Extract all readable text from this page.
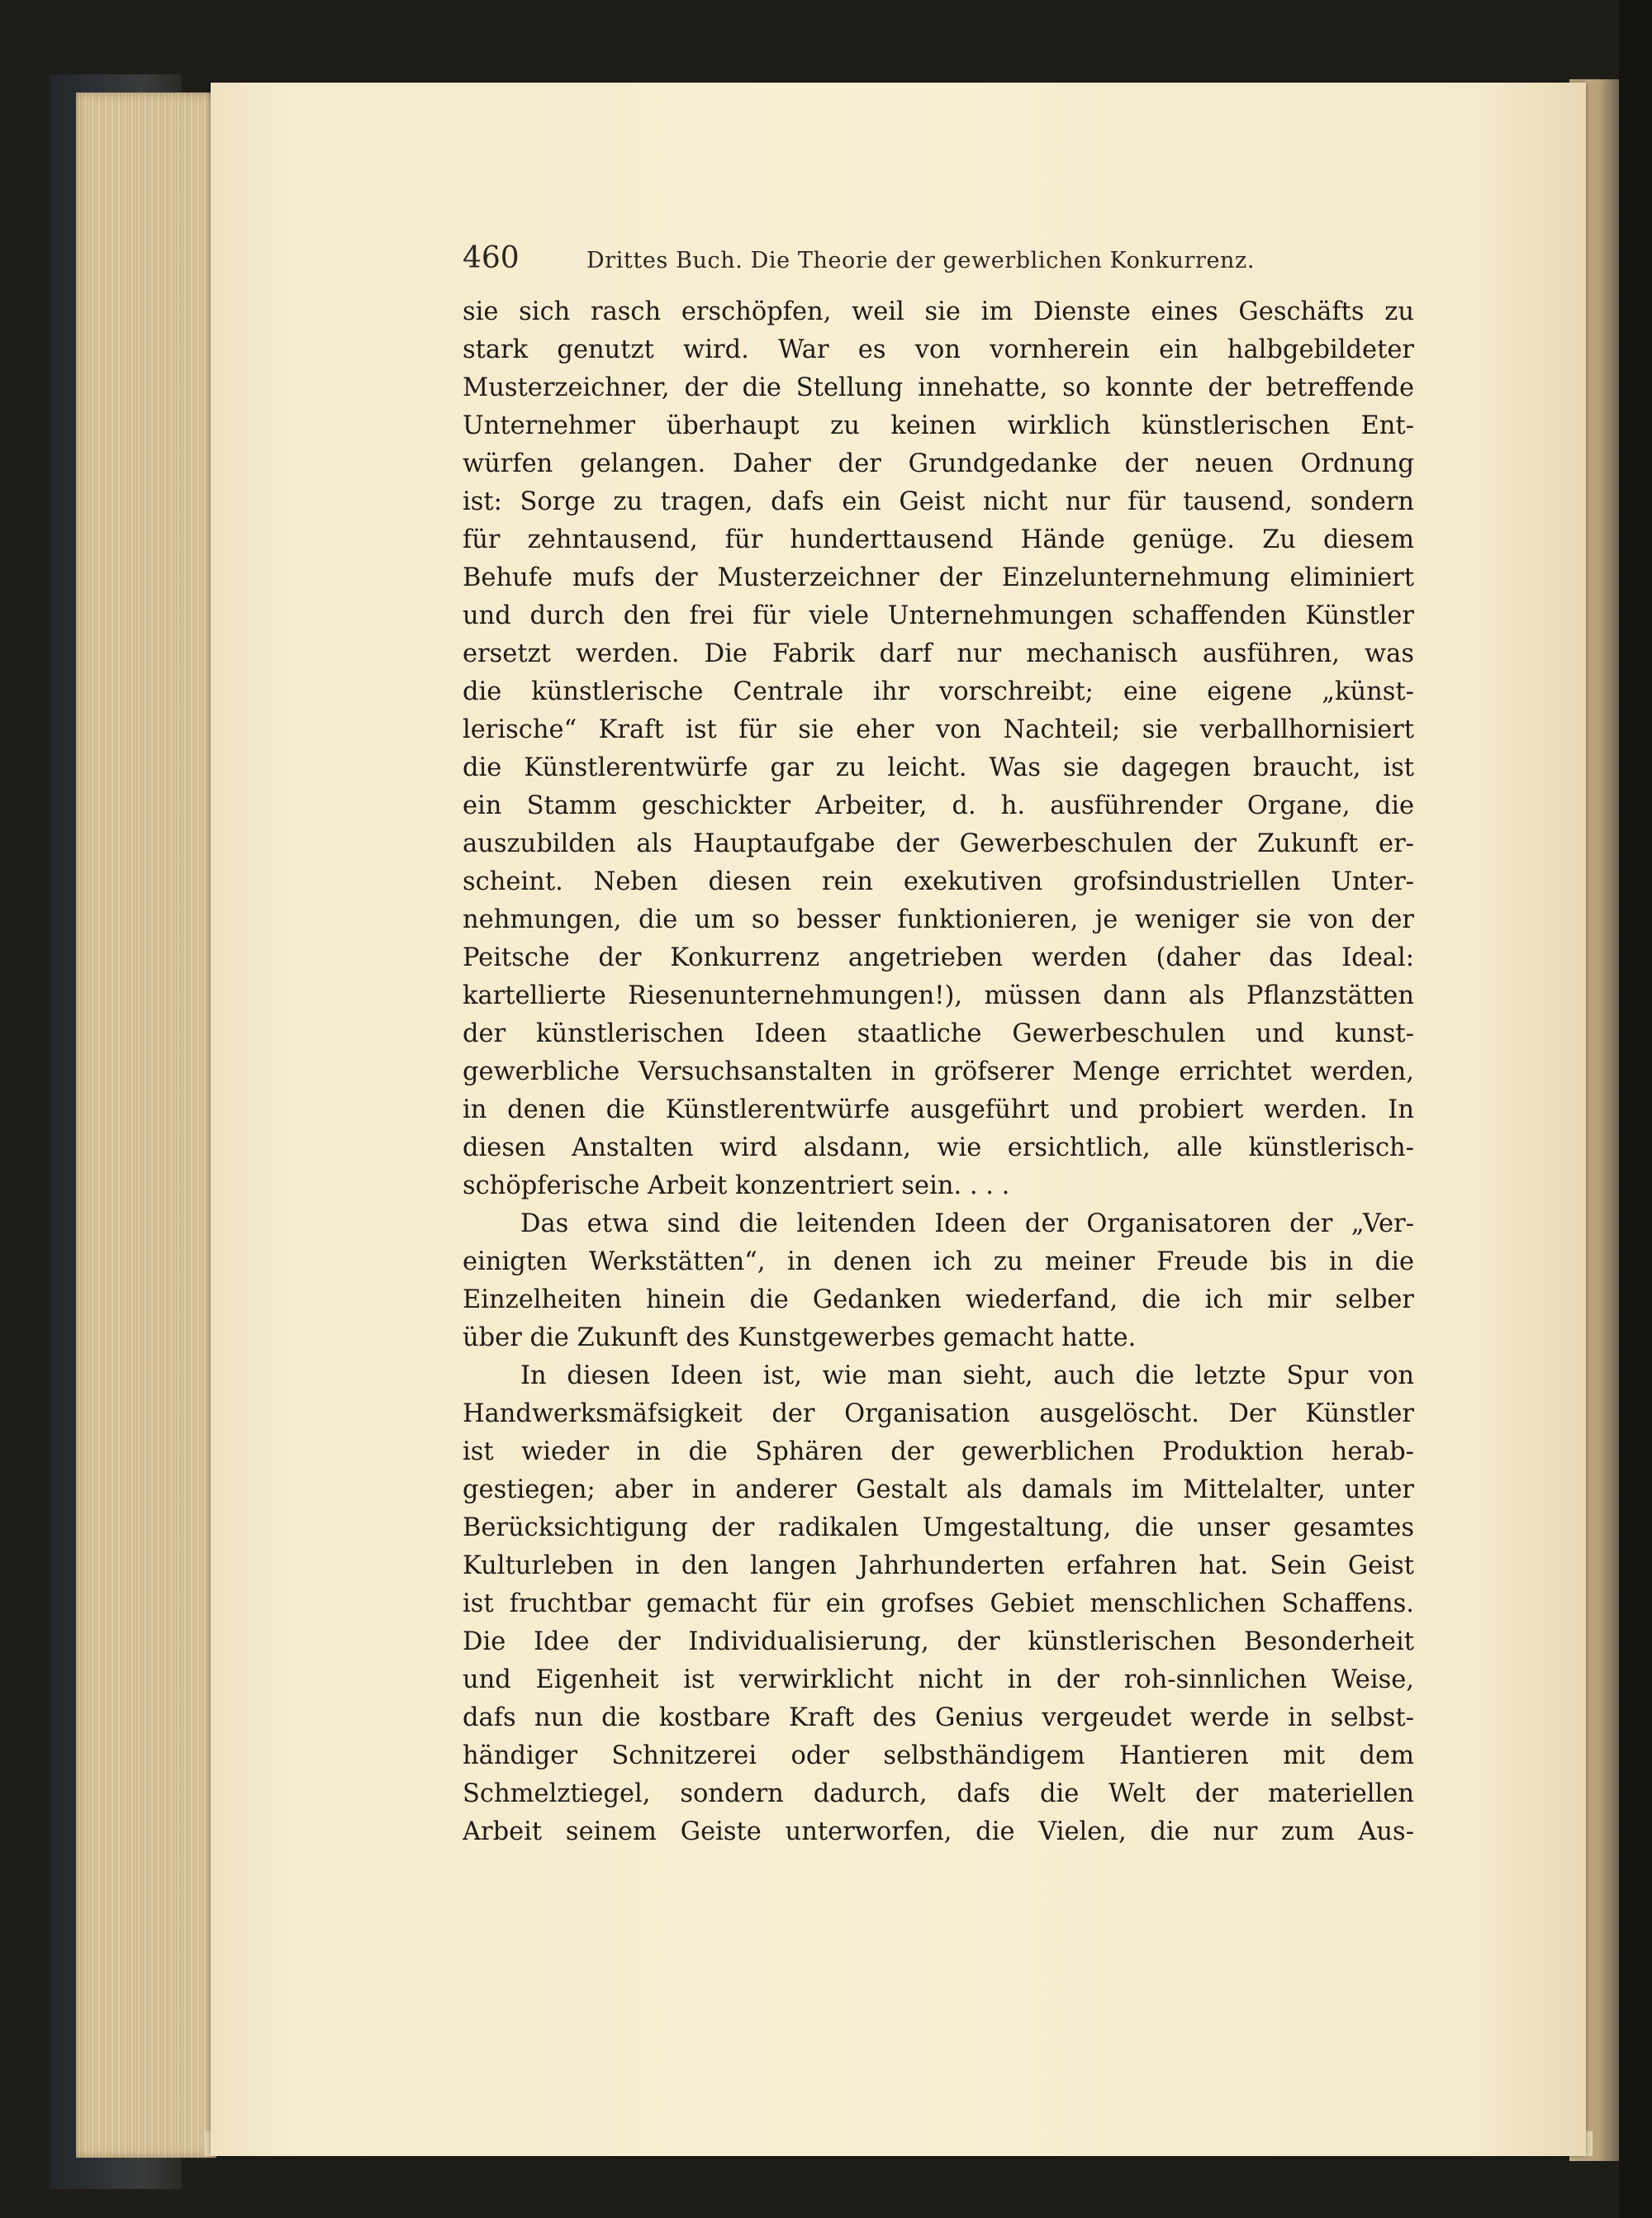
460	Drittes Buch. Die Theorie der gewerblichen Konkurrenz.
sie sich rasch erschöpfen, weil sie im Dienste eines Geschäfts zu
stark genutzt wird. War es von vornherein ein halbgebildeter
Musterzeichner, der die Stellung innehatte, so konnte der betreffende
Unternehmer überhaupt zu keinen wirklich künstlerischen Ent-
würfen gelangen. Daher der Grundgedanke der neuen Ordnung
ist: Sorge zu tragen, dafs ein Geist nicht nur für tausend, sondern
für zehntausend, für hunderttausend Hände genüge. Zu diesem
Behufe mufs der Musterzeichner der Einzelunternehmung eliminiert
und durch den frei für viele Unternehmungen schaffenden Künstler
ersetzt werden. Die Fabrik darf nur mechanisch ausführen, was
die künstlerische Centrale ihr vorschreibt; eine eigene „künst-
lerische“ Kraft ist für sie eher von Nachteil; sie verballhornisiert
die Künstlerentwürfe gar zu leicht. Was sie dagegen braucht, ist
ein Stamm geschickter Arbeiter, d. h. ausführender Organe, die
auszubilden als Hauptaufgabe der Gewerbeschulen der Zukunft er-
scheint. Neben diesen rein exekutiven grofsindustriellen Unter-
nehmungen, die um so besser funktionieren, je weniger sie von der
Peitsche der Konkurrenz angetrieben werden (daher das Ideal:
kartellierte Riesenunternehmungen!), müssen dann als Pflanzstätten
der künstlerischen Ideen staatliche Gewerbeschulen und kunst-
gewerbliche Versuchsanstalten in gröfserer Menge errichtet werden,
in denen die Künstlerentwürfe ausgeführt und probiert werden. In
diesen Anstalten wird alsdann, wie ersichtlich, alle künstlerisch-
schöpferische Arbeit konzentriert sein. . . .
Das etwa sind die leitenden Ideen der Organisatoren der „Ver-
einigten Werkstätten“, in denen ich zu meiner Freude bis in die
Einzelheiten hinein die Gedanken wiederfand, die ich mir selber
über die Zukunft des Kunstgewerbes gemacht hatte.
In diesen Ideen ist, wie man sieht, auch die letzte Spur von
Handwerksmäfsigkeit der Organisation ausgelöscht. Der Künstler
ist wieder in die Sphären der gewerblichen Produktion herab-
gestiegen; aber in anderer Gestalt als damals im Mittelalter, unter
Berücksichtigung der radikalen Umgestaltung, die unser gesamtes
Kulturleben in den langen Jahrhunderten erfahren hat. Sein Geist
ist fruchtbar gemacht für ein grofses Gebiet menschlichen Schaffens.
Die Idee der Individualisierung, der künstlerischen Besonderheit
und Eigenheit ist verwirklicht nicht in der roh-sinnlichen Weise,
dafs nun die kostbare Kraft des Genius vergeudet werde in selbst-
händiger Schnitzerei oder selbsthändigem Hantieren mit dem
Schmelztiegel, sondern dadurch, dafs die Welt der materiellen
Arbeit seinem Geiste unterworfen, die Vielen, die nur zum Aus-
